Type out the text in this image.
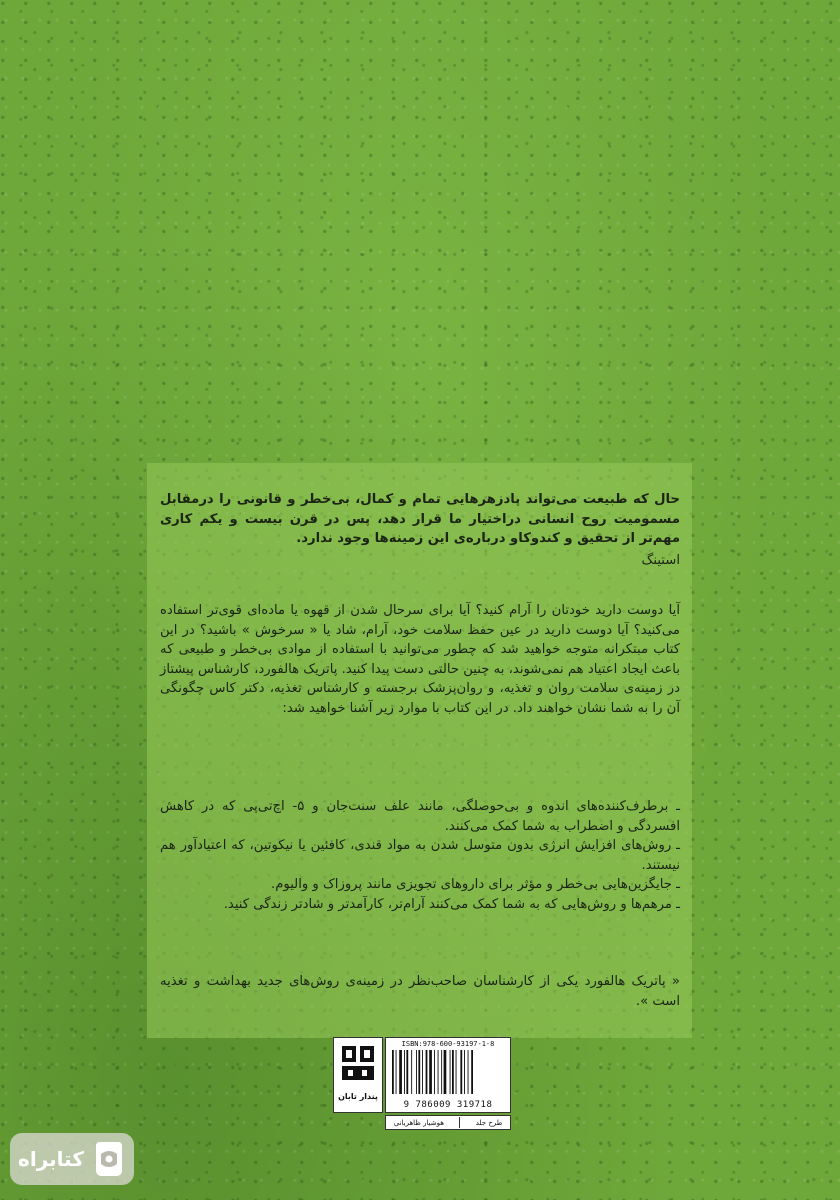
حال که طبیعت می‌تواند پادزهرهایی تمام و کمال، بی‌خطر و قانونی را درمقابل مسمومیت روح انسانی دراختیار ما قرار دهد، پس در قرن بیست و یکم کاری مهم‌تر از تحقیق و کندوکاو درباره‌ی این زمینه‌ها وجود ندارد.
استینگ
آیا دوست دارید خودتان را آرام کنید؟ آیا برای سرحال شدن از قهوه یا ماده‌ای قوی‌تر استفاده می‌کنید؟ آیا دوست دارید در عین حفظ سلامت خود، آرام، شاد یا « سرخوش » باشید؟ در این کتاب مبتکرانه متوجه خواهید شد که چطور می‌توانید با استفاده از موادی بی‌خطر و طبیعی که باعث ایجاد اعتیاد هم نمی‌شوند، به چنین حالتی دست پیدا کنید. پاتریک هالفورد، کارشناس پیشتاز در زمینه‌ی سلامت روان و تغذیه، و روان‌پزشک برجسته و کارشناس تغذیه، دکتر کاس چگونگی آن را به شما نشان خواهند داد. در این کتاب با موارد زیر آشنا خواهید شد:

ـ برطرف‌کننده‌های اندوه و بی‌حوصلگی، مانند علف سنت‌جان و ۵- اچ‌تی‌پی که در کاهش افسردگی و اضطراب به شما کمک می‌کنند.

ـ روش‌های افزایش انرژی بدون متوسل شدن به مواد قندی، کافئین یا نیکوتین، که اعتیادآور هم نیستند.

ـ جایگزین‌هایی بی‌خطر و مؤثر برای داروهای تجویزی مانند پروزاک و والیوم.

ـ مرهم‌ها و روش‌هایی که به شما کمک می‌کنند آرام‌تر، کارآمدتر و شادتر زندگی کنید.

« پاتریک هالفورد یکی از کارشناسان صاحب‌نظر در زمینه‌ی روش‌های جدید بهداشت و تغذیه است ».
پندار تابان
ISBN:978-600-93197-1-8
9 786009 319718
طرح جلد
هوشیار ظاهریانی
کتابراه
